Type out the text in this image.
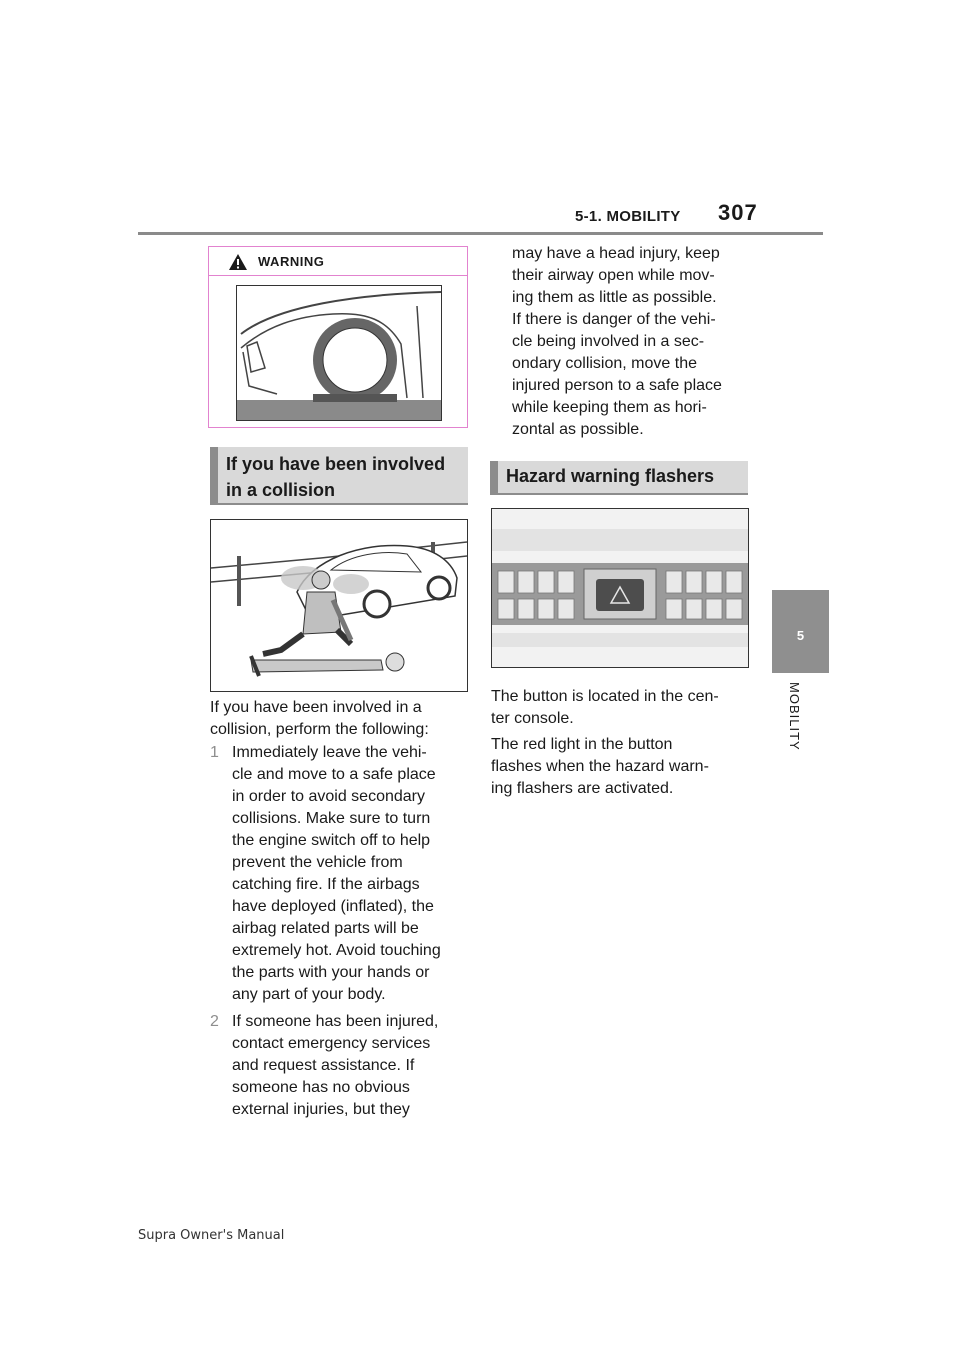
5-1. MOBILITY 307
5
MOBILITY
WARNING
If you have been involved
in a collision
If you have been involved in a
collision, perform the following:
1 Immediately leave the vehi-
cle and move to a safe place
in order to avoid secondary
collisions. Make sure to turn
the engine switch off to help
prevent the vehicle from
catching fire. If the airbags
have deployed (inflated), the
airbag related parts will be
extremely hot. Avoid touching
the parts with your hands or
any part of your body.
2 If someone has been injured,
contact emergency services
and request assistance. If
someone has no obvious
external injuries, but they
may have a head injury, keep
their airway open while mov-
ing them as little as possible.
If there is danger of the vehi-
cle being involved in a sec-
ondary collision, move the
injured person to a safe place
while keeping them as hori-
zontal as possible.
Hazard warning flashers
The button is located in the cen-
ter console.
The red light in the button
flashes when the hazard warn-
ing flashers are activated.
Supra Owner's Manual
